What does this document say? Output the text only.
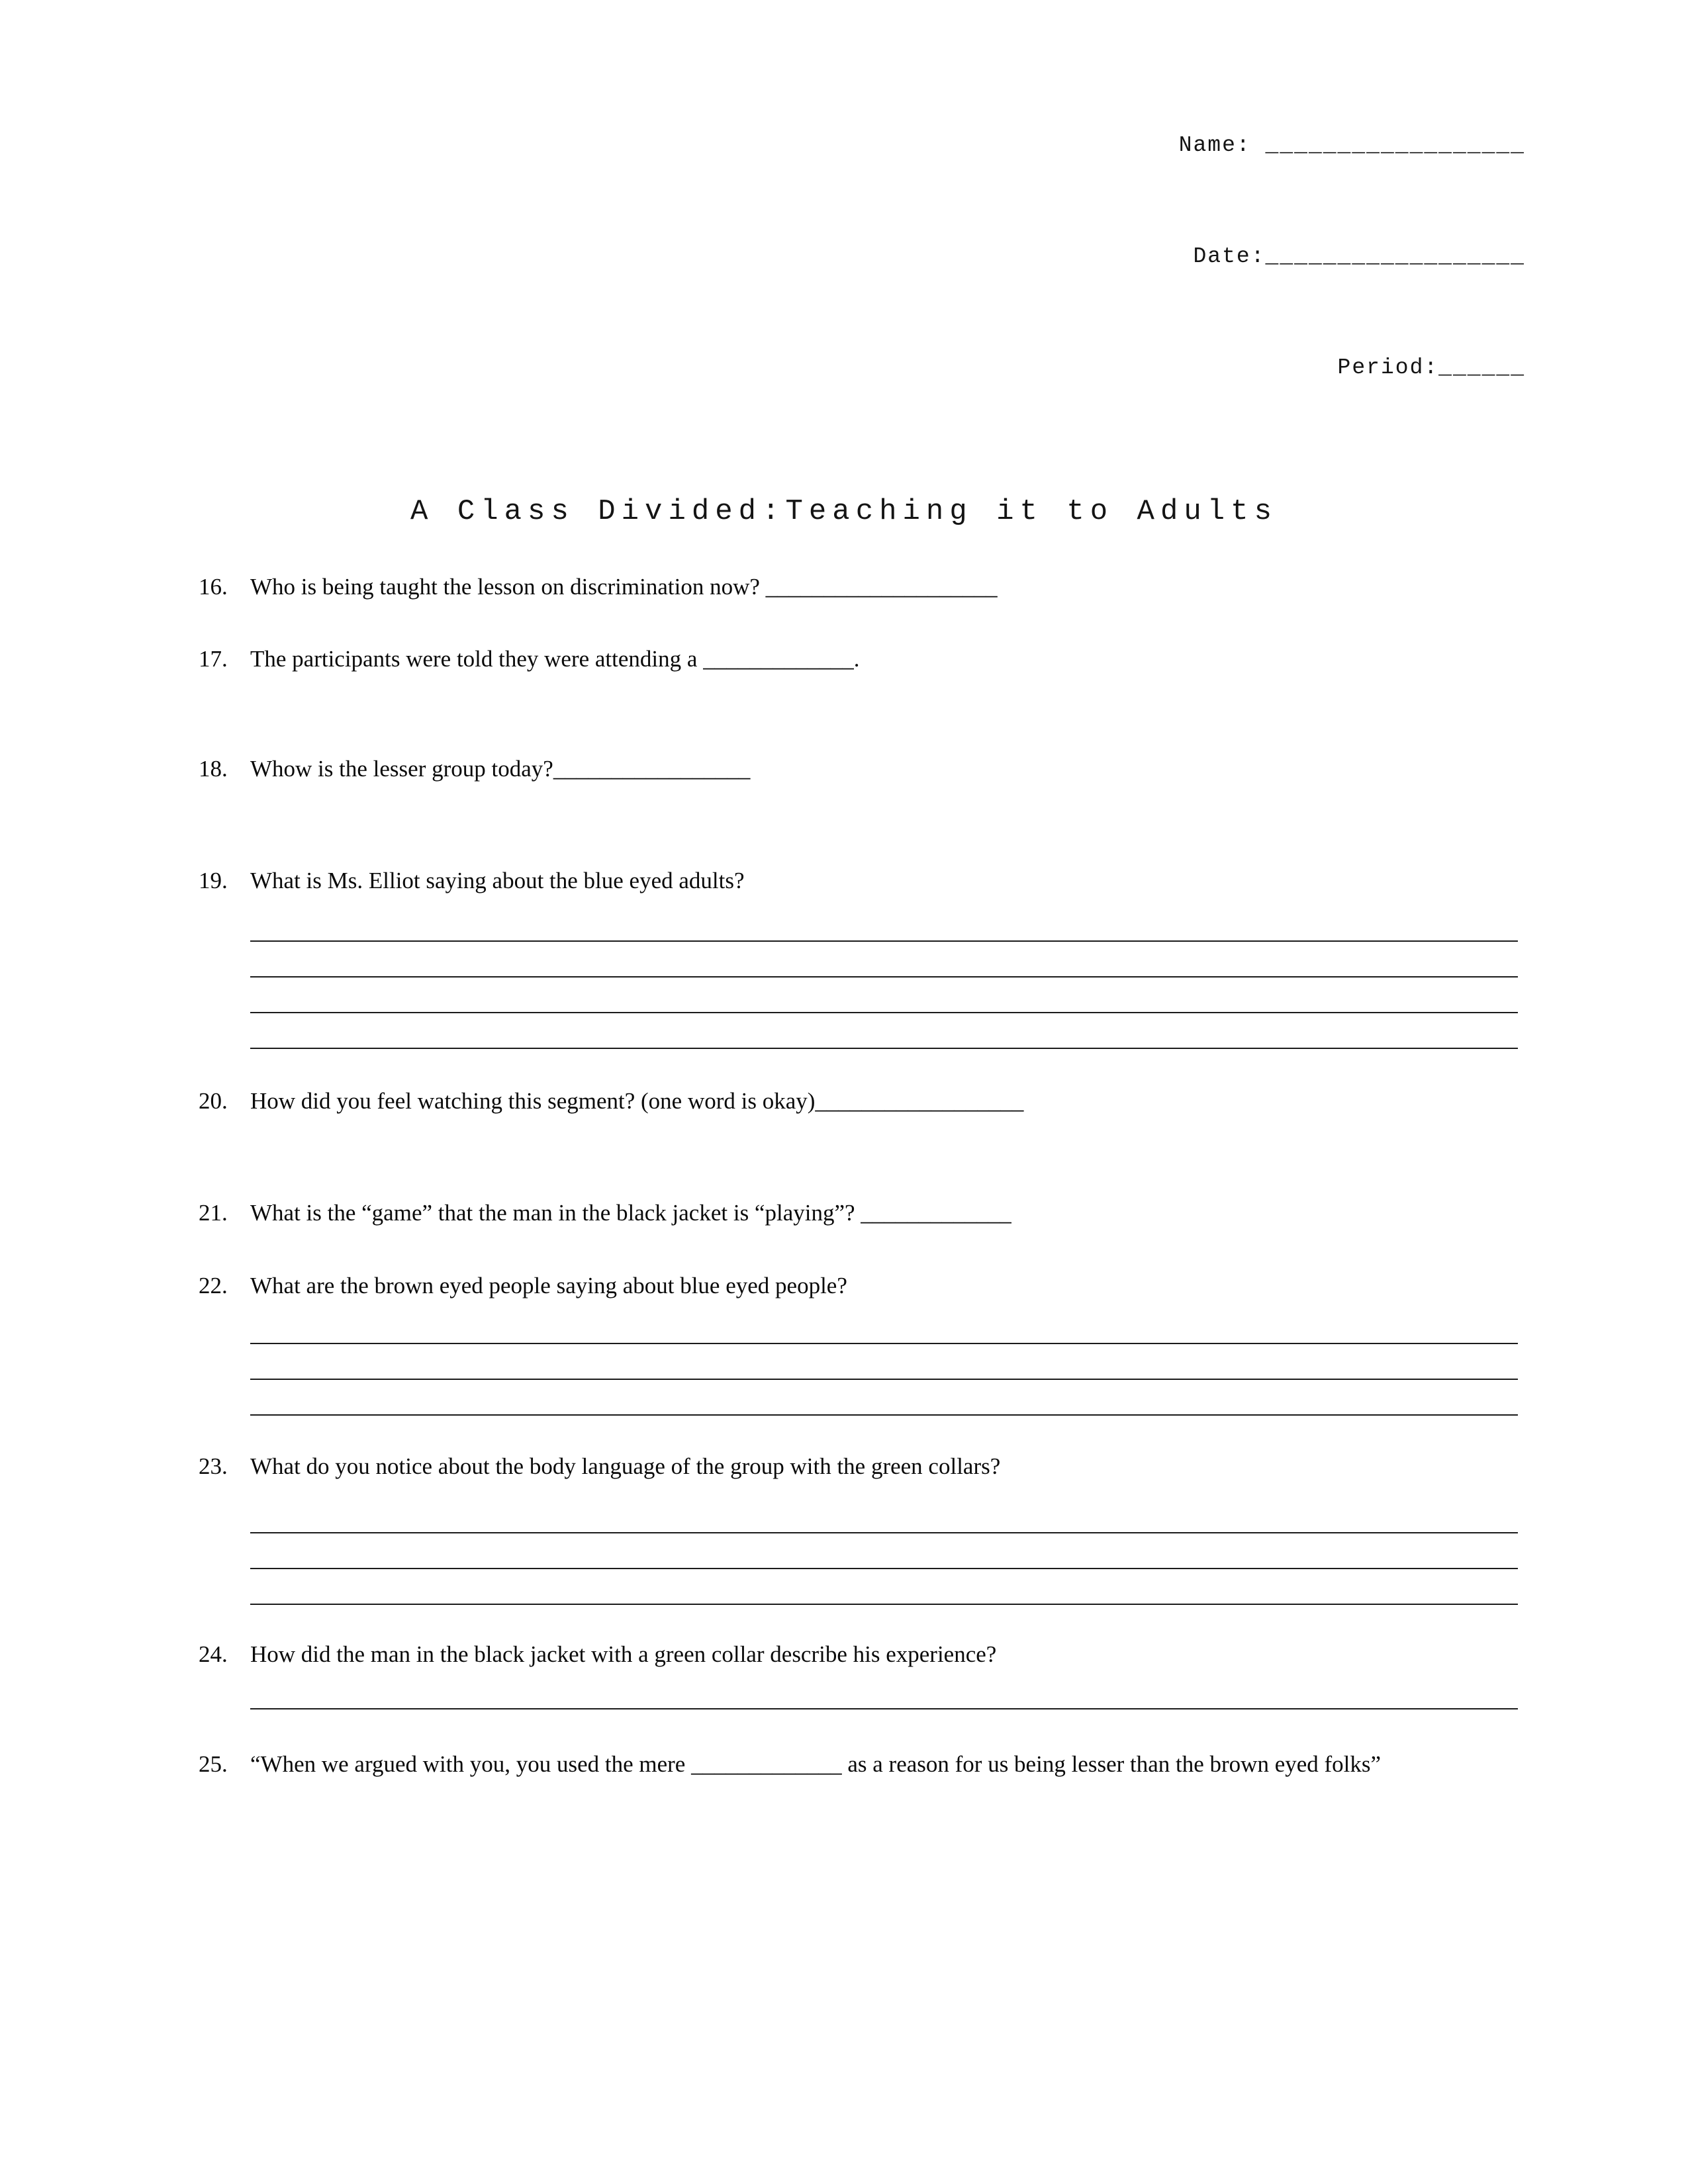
Name: __________________

Date:__________________

Period:______

A Class Divided:Teaching it to Adults
16. Who is being taught the lesson on discrimination now? ____________________
17. The participants were told they were attending a _____________.
18. Whow is the lesser group today?_________________
19. What is Ms. Elliot saying about the blue eyed adults?
20. How did you feel watching this segment? (one word is okay)__________________
21. What is the “game” that the man in the black jacket is “playing”? _____________
22. What are the brown eyed people saying about blue eyed people?
23. What do you notice about the body language of the group with the green collars?
24. How did the man in the black jacket with a green collar describe his experience?
25. “When we argued with you, you used the mere _____________ as a reason for us being lesser than the brown eyed folks”
